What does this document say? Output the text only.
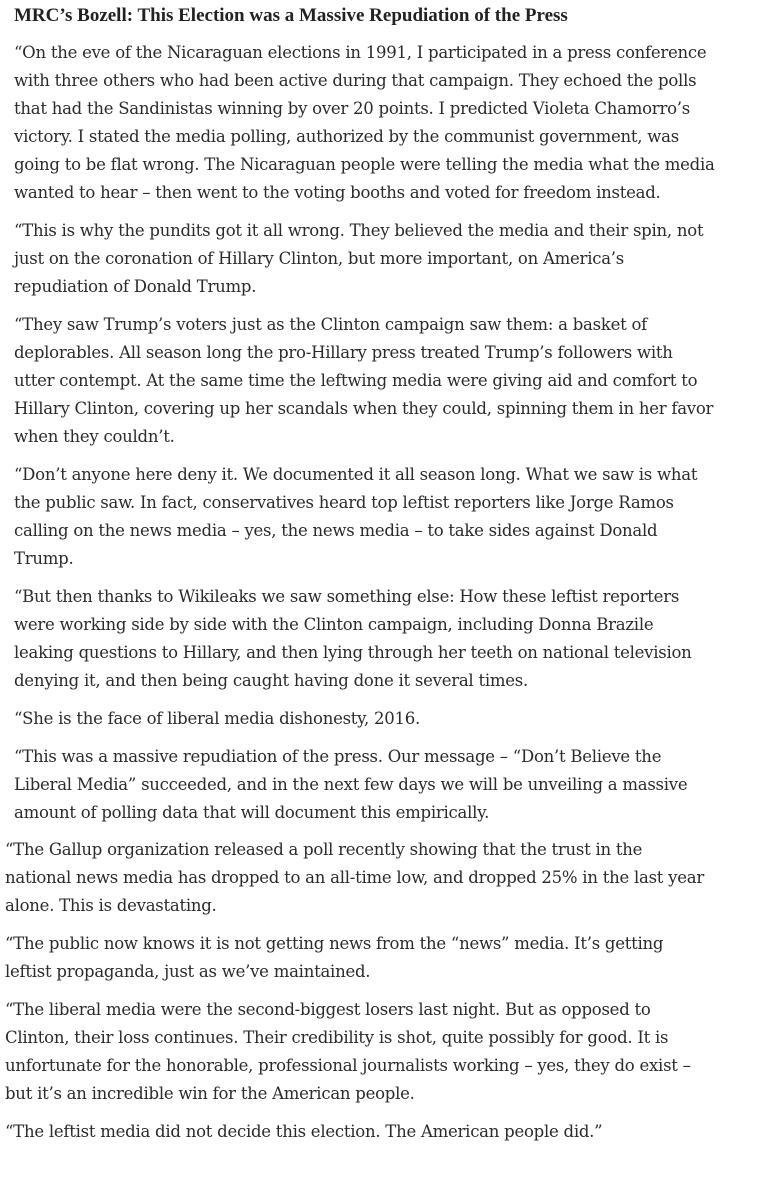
MRC’s Bozell: This Election was a Massive Repudiation of the Press

“On the eve of the Nicaraguan elections in 1991, I participated in a press conference
with three others who had been active during that campaign. They echoed the polls
that had the Sandinistas winning by over 20 points. I predicted Violeta Chamorro’s
victory. I stated the media polling, authorized by the communist government, was
going to be flat wrong. The Nicaraguan people were telling the media what the media
wanted to hear – then went to the voting booths and voted for freedom instead.

“This is why the pundits got it all wrong. They believed the media and their spin, not
just on the coronation of Hillary Clinton, but more important, on America’s
repudiation of Donald Trump.

“They saw Trump’s voters just as the Clinton campaign saw them: a basket of
deplorables. All season long the pro-Hillary press treated Trump’s followers with
utter contempt. At the same time the leftwing media were giving aid and comfort to
Hillary Clinton, covering up her scandals when they could, spinning them in her favor
when they couldn’t.

“Don’t anyone here deny it. We documented it all season long. What we saw is what
the public saw. In fact, conservatives heard top leftist reporters like Jorge Ramos
calling on the news media – yes, the news media – to take sides against Donald
Trump.

“But then thanks to Wikileaks we saw something else: How these leftist reporters
were working side by side with the Clinton campaign, including Donna Brazile
leaking questions to Hillary, and then lying through her teeth on national television
denying it, and then being caught having done it several times.

“She is the face of liberal media dishonesty, 2016.

“This was a massive repudiation of the press. Our message – “Don’t Believe the
Liberal Media” succeeded, and in the next few days we will be unveiling a massive
amount of polling data that will document this empirically.

“The Gallup organization released a poll recently showing that the trust in the
national news media has dropped to an all-time low, and dropped 25% in the last year
alone. This is devastating.

“The public now knows it is not getting news from the “news” media. It’s getting
leftist propaganda, just as we’ve maintained.

“The liberal media were the second-biggest losers last night. But as opposed to
Clinton, their loss continues. Their credibility is shot, quite possibly for good. It is
unfortunate for the honorable, professional journalists working – yes, they do exist –
but it’s an incredible win for the American people.

“The leftist media did not decide this election. The American people did.”
